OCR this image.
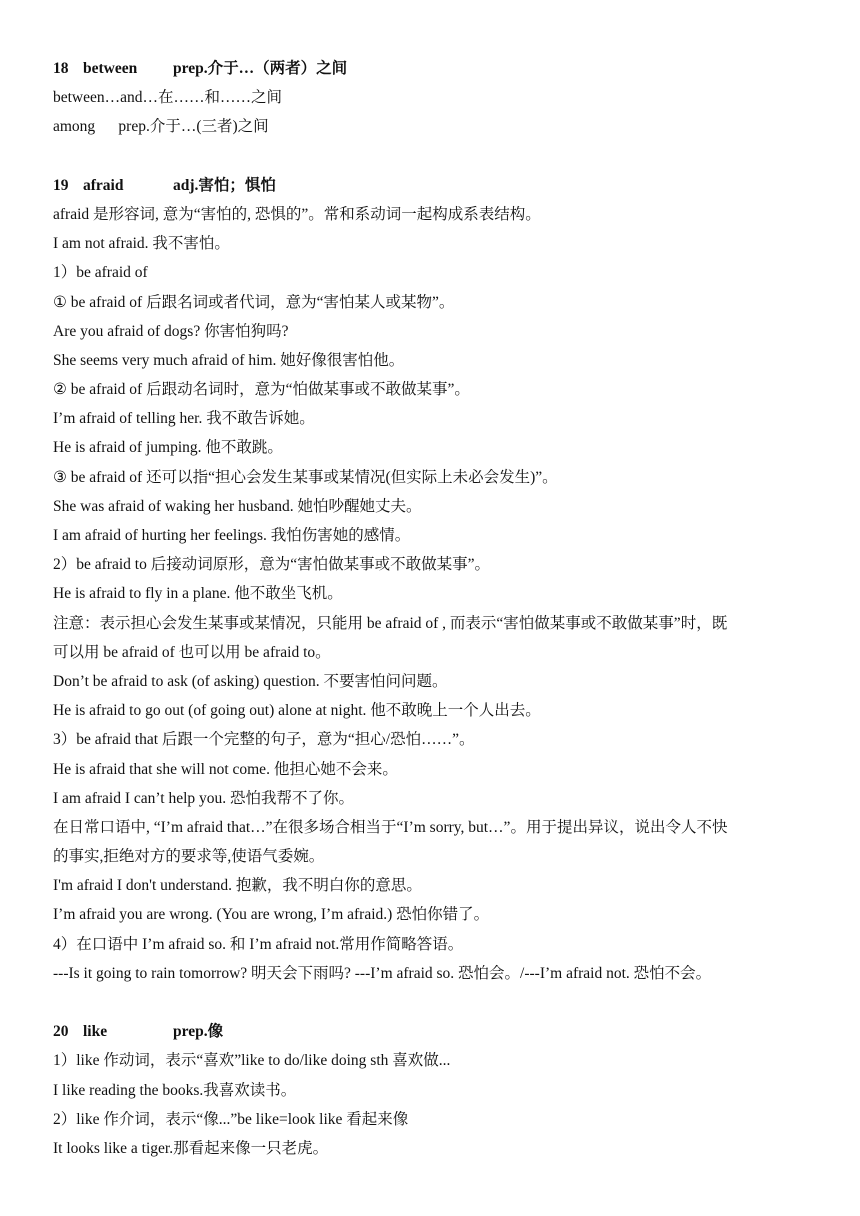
18 between prep.介于…（两者）之间
between…and…在……和……之间
among      prep.介于…(三者)之间
19 afraid	adj.害怕；惧怕
afraid 是形容词, 意为“害怕的, 恐惧的”。常和系动词一起构成系表结构。
I am not afraid. 我不害怕。
1）be afraid of
① be afraid of 后跟名词或者代词，意为“害怕某人或某物”。
Are you afraid of dogs? 你害怕狗吗?
She seems very much afraid of him. 她好像很害怕他。
② be afraid of 后跟动名词时，意为“怕做某事或不敢做某事”。
I’m afraid of telling her. 我不敢告诉她。
He is afraid of jumping. 他不敢跳。
③ be afraid of 还可以指“担心会发生某事或某情况(但实际上未必会发生)”。
She was afraid of waking her husband. 她怕吵醒她丈夫。
I am afraid of hurting her feelings. 我怕伤害她的感情。
2）be afraid to 后接动词原形，意为“害怕做某事或不敢做某事”。
He is afraid to fly in a plane. 他不敢坐飞机。
注意：表示担心会发生某事或某情况，只能用 be afraid of , 而表示“害怕做某事或不敢做某事”时，既
可以用 be afraid of 也可以用 be afraid to。
Don’t be afraid to ask (of asking) question. 不要害怕问问题。
He is afraid to go out (of going out) alone at night. 他不敢晚上一个人出去。
3）be afraid that 后跟一个完整的句子，意为“担心/恐怕……”。
He is afraid that she will not come. 他担心她不会来。
I am afraid I can’t help you. 恐怕我帮不了你。
在日常口语中, “I’m afraid that…”在很多场合相当于“I’m sorry, but…”。用于提出异议，说出令人不快
的事实,拒绝对方的要求等,使语气委婉。
I'm afraid I don't understand. 抱歉，我不明白你的意思。
I’m afraid you are wrong. (You are wrong, I’m afraid.) 恐怕你错了。
4）在口语中 I’m afraid so. 和 I’m afraid not.常用作简略答语。
---Is it going to rain tomorrow? 明天会下雨吗? ---I’m afraid so. 恐怕会。/---I’m afraid not. 恐怕不会。
20 like	prep.像
1）like 作动词，表示“喜欢”like to do/like doing sth 喜欢做...
I like reading the books.我喜欢读书。
2）like 作介词，表示“像...”be like=look like 看起来像
It looks like a tiger.那看起来像一只老虎。
